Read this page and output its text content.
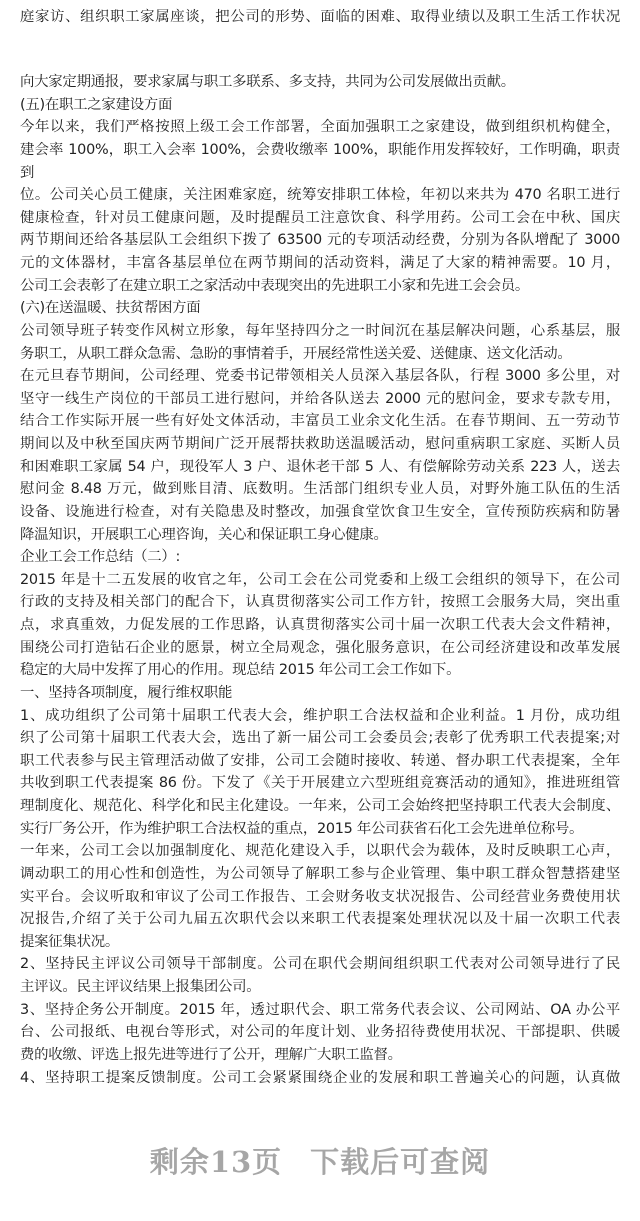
庭家访、组织职工家属座谈，把公司的形势、面临的困难、取得业绩以及职工生活工作状况
向大家定期通报，要求家属与职工多联系、多支持，共同为公司发展做出贡献。
(五)在职工之家建设方面
今年以来，我们严格按照上级工会工作部署，全面加强职工之家建设，做到组织机构健全，
建会率 100%，职工入会率 100%，会费收缴率 100%，职能作用发挥较好，工作明确，职责到
位。公司关心员工健康，关注困难家庭，统筹安排职工体检，年初以来共为 470 名职工进行
健康检查，针对员工健康问题，及时提醒员工注意饮食、科学用药。公司工会在中秋、国庆
两节期间还给各基层队工会组织下拨了 63500 元的专项活动经费，分别为各队增配了 3000
元的文体器材，丰富各基层单位在两节期间的活动资料，满足了大家的精神需要。10 月，
公司工会表彰了在建立职工之家活动中表现突出的先进职工小家和先进工会会员。
(六)在送温暖、扶贫帮困方面
公司领导班子转变作风树立形象，每年坚持四分之一时间沉在基层解决问题，心系基层，服
务职工，从职工群众急需、急盼的事情着手，开展经常性送关爱、送健康、送文化活动。
在元旦春节期间，公司经理、党委书记带领相关人员深入基层各队，行程 3000 多公里，对
坚守一线生产岗位的干部员工进行慰问，并给各队送去 2000 元的慰问金，要求专款专用，
结合工作实际开展一些有好处文体活动，丰富员工业余文化生活。在春节期间、五一劳动节
期间以及中秋至国庆两节期间广泛开展帮扶救助送温暖活动，慰问重病职工家庭、买断人员
和困难职工家属 54 户，现役军人 3 户、退休老干部 5 人、有偿解除劳动关系 223 人，送去
慰问金 8.48 万元，做到账目清、底数明。生活部门组织专业人员，对野外施工队伍的生活
设备、设施进行检查，对有关隐患及时整改，加强食堂饮食卫生安全，宣传预防疾病和防暑
降温知识，开展职工心理咨询，关心和保证职工身心健康。
企业工会工作总结（二）:
2015 年是十二五发展的收官之年，公司工会在公司党委和上级工会组织的领导下，在公司
行政的支持及相关部门的配合下，认真贯彻落实公司工作方针，按照工会服务大局，突出重
点，求真重效，力促发展的工作思路，认真贯彻落实公司十届一次职工代表大会文件精神，
围绕公司打造钻石企业的愿景，树立全局观念，强化服务意识，在公司经济建设和改革发展
稳定的大局中发挥了用心的作用。现总结 2015 年公司工会工作如下。
一、坚持各项制度，履行维权职能
1、成功组织了公司第十届职工代表大会，维护职工合法权益和企业利益。1 月份，成功组
织了公司第十届职工代表大会，选出了新一届公司工会委员会;表彰了优秀职工代表提案;对
职工代表参与民主管理活动做了安排，公司工会随时接收、转递、督办职工代表提案，全年
共收到职工代表提案 86 份。下发了《关于开展建立六型班组竞赛活动的通知》，推进班组管
理制度化、规范化、科学化和民主化建设。一年来，公司工会始终把坚持职工代表大会制度、
实行厂务公开，作为维护职工合法权益的重点，2015 年公司获省石化工会先进单位称号。
一年来，公司工会以加强制度化、规范化建设入手，以职代会为载体，及时反映职工心声，
调动职工的用心性和创造性，为公司领导了解职工参与企业管理、集中职工群众智慧搭建坚
实平台。会议听取和审议了公司工作报告、工会财务收支状况报告、公司经营业务费使用状
况报告,介绍了关于公司九届五次职代会以来职工代表提案处理状况以及十届一次职工代表
提案征集状况。
2、坚持民主评议公司领导干部制度。公司在职代会期间组织职工代表对公司领导进行了民
主评议。民主评议结果上报集团公司。
3、坚持企务公开制度。2015 年，透过职代会、职工常务代表会议、公司网站、OA 办公平
台、公司报纸、电视台等形式，对公司的年度计划、业务招待费使用状况、干部提职、供暖
费的收缴、评选上报先进等进行了公开，理解广大职工监督。
4、坚持职工提案反馈制度。公司工会紧紧围绕企业的发展和职工普遍关心的问题，认真做
剩余13页 下载后可查阅
